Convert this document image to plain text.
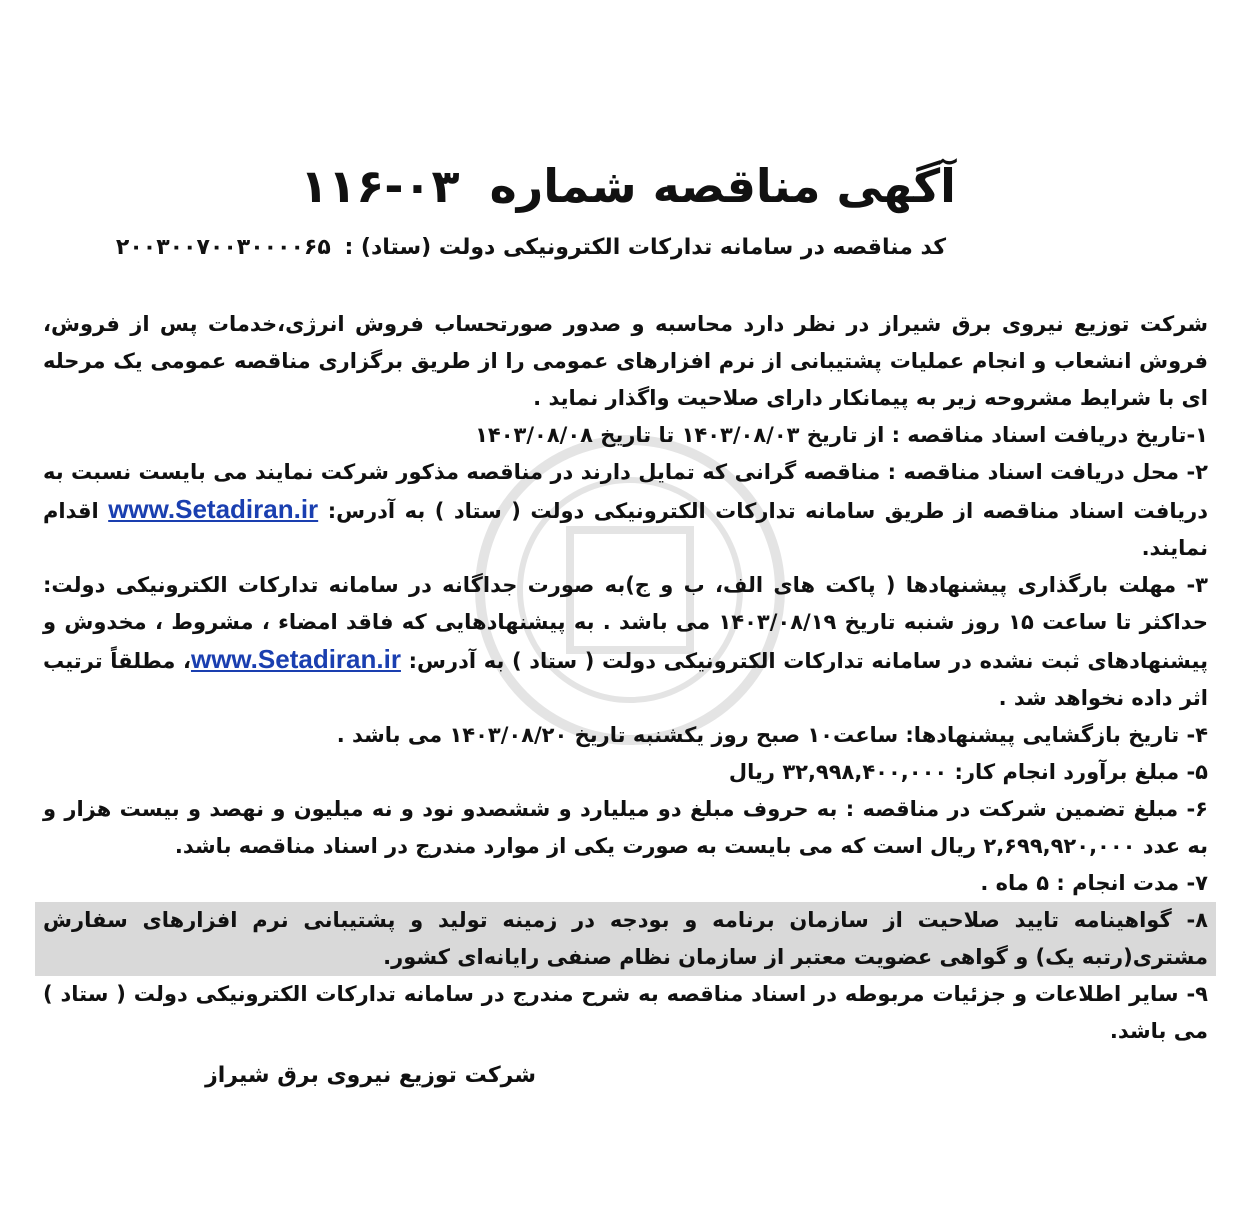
آگهی مناقصه شماره ۱۱۶-۰۳
کد مناقصه در سامانه تدارکات الکترونیکی دولت (ستاد) : ۲۰۰۳۰۰۷۰۰۳۰۰۰۰۶۵

شرکت توزیع نیروی برق شیراز در نظر دارد محاسبه و صدور صورتحساب فروش انرژی،خدمات پس از فروش، فروش انشعاب و انجام عملیات پشتیبانی از نرم افزارهای عمومی را از طریق برگزاری مناقصه عمومی یک مرحله ای با شرایط مشروحه زیر به پیمانکار دارای صلاحیت واگذار نماید .

۱-تاریخ دریافت اسناد مناقصه : از تاریخ ۱۴۰۳/۰۸/۰۳ تا تاریخ ۱۴۰۳/۰۸/۰۸

۲- محل دریافت اسناد مناقصه : مناقصه گرانی که تمایل دارند در مناقصه مذکور شرکت نمایند می بایست نسبت به دریافت اسناد مناقصه از طریق سامانه تدارکات الکترونیکی دولت ( ستاد ) به آدرس: www.Setadiran.ir اقدام نمایند.

۳- مهلت بارگذاری پیشنهادها ( پاکت های الف، ب و ج)به صورت جداگانه در سامانه تدارکات الکترونیکی دولت: حداکثر تا ساعت ۱۵ روز شنبه تاریخ ۱۴۰۳/۰۸/۱۹ می باشد . به پیشنهادهایی که فاقد امضاء ، مشروط ، مخدوش و پیشنهادهای ثبت نشده در سامانه تدارکات الکترونیکی دولت ( ستاد ) به آدرس: www.Setadiran.ir، مطلقاً ترتیب اثر داده نخواهد شد .

۴- تاریخ بازگشایی پیشنهادها: ساعت۱۰ صبح روز یکشنبه تاریخ ۱۴۰۳/۰۸/۲۰ می باشد .

۵- مبلغ برآورد انجام کار: ۳۲,۹۹۸,۴۰۰,۰۰۰ ریال

۶- مبلغ تضمین شرکت در مناقصه : به حروف مبلغ دو میلیارد و ششصدو نود و نه میلیون و نهصد و بیست هزار و به عدد ۲,۶۹۹,۹۲۰,۰۰۰ ریال است که می بایست به صورت یکی از موارد مندرج در اسناد مناقصه باشد.

۷- مدت انجام : ۵ ماه .

۸- گواهینامه تایید صلاحیت از سازمان برنامه و بودجه در زمینه تولید و پشتیبانی نرم افزارهای سفارش مشتری(رتبه یک) و گواهی عضویت معتبر از سازمان نظام صنفی رایانه‌ای کشور.

۹- سایر اطلاعات و جزئیات مربوطه در اسناد مناقصه به شرح مندرج در سامانه تدارکات الکترونیکی دولت ( ستاد ) می باشد.

شرکت توزیع نیروی برق شیراز
